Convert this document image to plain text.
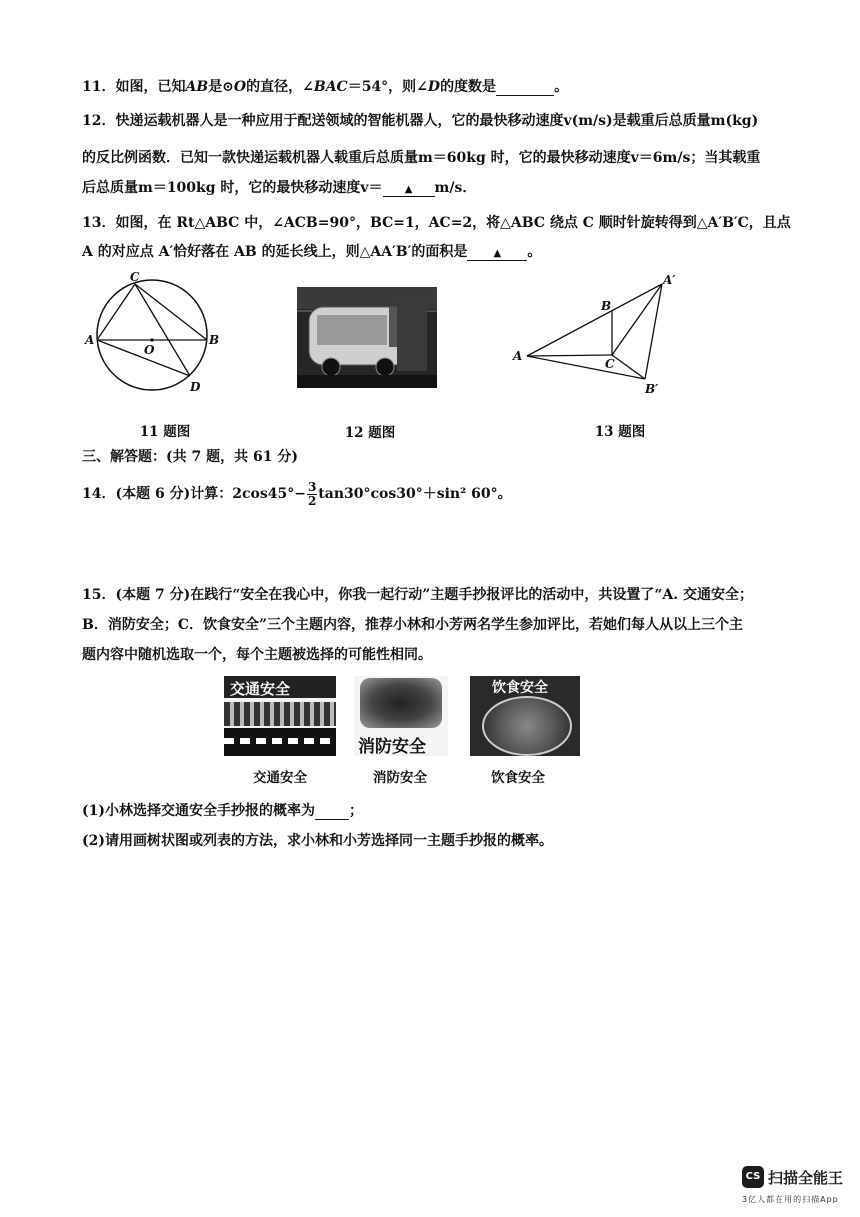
11．如图，已知AB是⊙O的直径，∠BAC＝54°，则∠D的度数是	。
12．快递运载机器人是一种应用于配送领域的智能机器人，它的最快移动速度v(m/s)是载重后总质量m(kg)
的反比例函数．已知一款快递运载机器人载重后总质量m＝60kg 时，它的最快移动速度v＝6m/s；当其载重
后总质量m＝100kg 时，它的最快移动速度v＝ ▲ m/s．
13．如图，在 Rt△ABC 中，∠ACB=90°，BC=1，AC=2，将△ABC 绕点 C 顺时针旋转得到△A′B′C，且点
A 的对应点 A′恰好落在 AB 的延长线上，则△AA′B′的面积是	▲ 。
C
A
O
B
D
11 题图	12 题图
A′
B
A
C
B′
13 题图
三、解答题：(共 7 题，共 61 分)
14．(本题 6 分)计算：$2\cos 45^\circ- \frac{3}{2} \tan 30^\circ\cos 30^\circ+\sin^2$ 60°。
15．(本题 7 分)在践行“安全在我心中，你我一起行动”主题手抄报评比的活动中，共设置了“A. 交通安全；
B．消防安全；C．饮食安全”三个主题内容，推荐小林和小芳两名学生参加评比，若她们每人从以上三个主
题内容中随机选取一个，每个主题被选择的可能性相同。
交通安全
消防安全
饮食安全
交通安全	消防安全	饮食安全
(1)小林选择交通安全手抄报的概率为 ；
(2)请用画树状图或列表的方法，求小林和小芳选择同一主题手抄报的概率。
CS 扫描全能王
3亿人都在用的扫描App
